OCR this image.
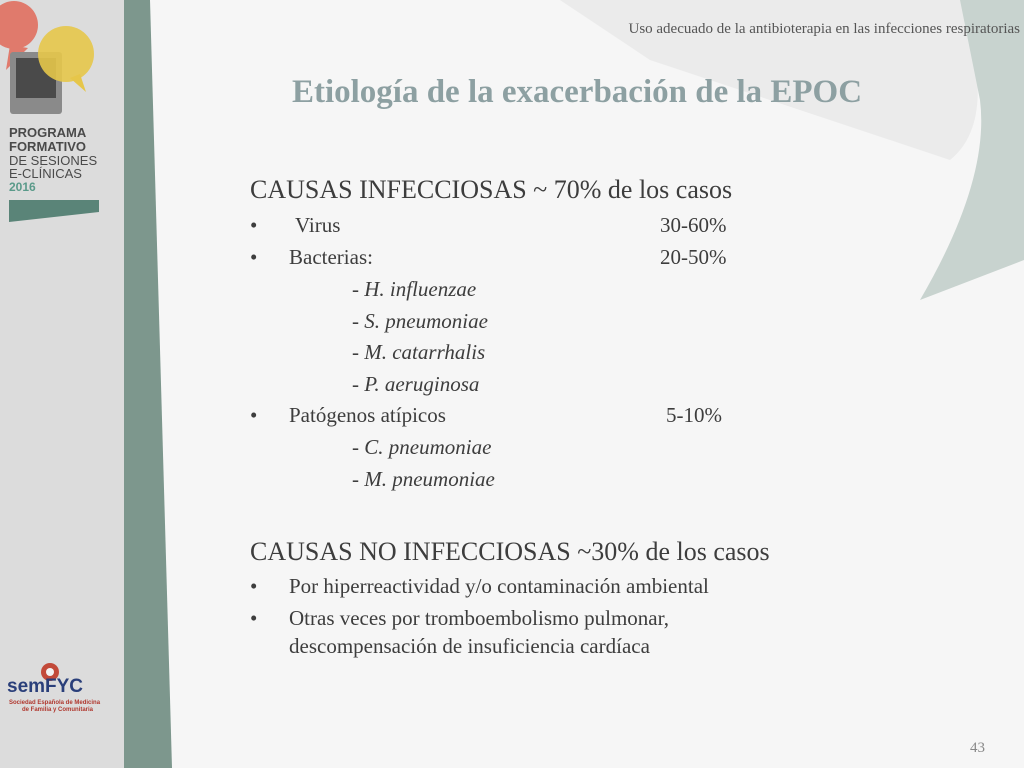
Uso adecuado de la antibioterapia en las infecciones respiratorias
Etiología de la exacerbación de la EPOC
PROGRAMA
FORMATIVO
DE SESIONES
E-CLÍNICAS
2016
semFYC
Sociedad Española de Medicina
de Familia y Comunitaria
CAUSAS INFECCIOSAS ~ 70% de los casos
• Virus	30-60%
• Bacterias:	20-50%
- H. influenzae
- S. pneumoniae
- M. catarrhalis
- P. aeruginosa
• Patógenos atípicos	5-10%
- C. pneumoniae
- M. pneumoniae
CAUSAS NO INFECCIOSAS ~30% de los casos
• Por hiperreactividad y/o contaminación ambiental
• Otras veces por tromboembolismo pulmonar,
descompensación de insuficiencia cardíaca
43
